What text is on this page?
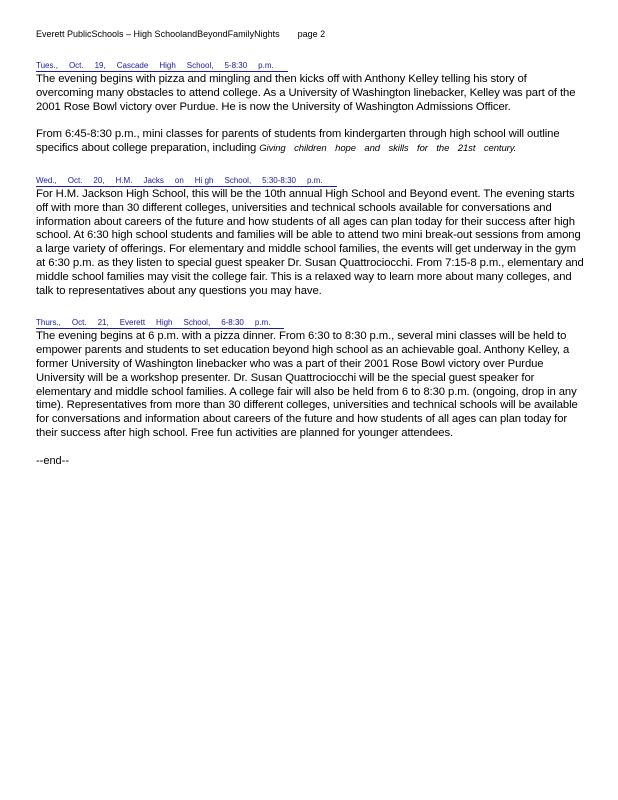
Everett PublicSchools – High SchoolandBeyondFamilyNights page 2
Tues., Oct. 19, Cascade High School, 5-8:30 p.m.

The evening begins with pizza and mingling and then kicks off with Anthony Kelley telling his story of overcoming many obstacles to attend college. As a University of Washington linebacker, Kelley was part of the 2001 Rose Bowl victory over Purdue. He is now the University of Washington Admissions Officer.

From 6:45-8:30 p.m., mini classes for parents of students from kindergarten through high school will outline specifics about college preparation, including Giving children hope and skills for the 21st century.

Wed., Oct. 20, H.M. Jacks on Hi gh School, 5:30-8:30 p.m.

For H.M. Jackson High School, this will be the 10th annual High School and Beyond event. The evening starts off with more than 30 different colleges, universities and technical schools available for conversations and information about careers of the future and how students of all ages can plan today for their success after high school. At 6:30 high school students and families will be able to attend two mini break-out sessions from among a large variety of offerings. For elementary and middle school families, the events will get underway in the gym at 6:30 p.m. as they listen to special guest speaker Dr. Susan Quattrociocchi. From 7:15-8 p.m., elementary and middle school families may visit the college fair. This is a relaxed way to learn more about many colleges, and talk to representatives about any questions you may have.

Thurs., Oct. 21, Everett High School, 6-8:30 p.m.

The evening begins at 6 p.m. with a pizza dinner. From 6:30 to 8:30 p.m., several mini classes will be held to empower parents and students to set education beyond high school as an achievable goal. Anthony Kelley, a former University of Washington linebacker who was a part of their 2001 Rose Bowl victory over Purdue University will be a workshop presenter. Dr. Susan Quattrociocchi will be the special guest speaker for elementary and middle school families. A college fair will also be held from 6 to 8:30 p.m. (ongoing, drop in any time). Representatives from more than 30 different colleges, universities and technical schools will be available for conversations and information about careers of the future and how students of all ages can plan today for their success after high school. Free fun activities are planned for younger attendees.

--end--
